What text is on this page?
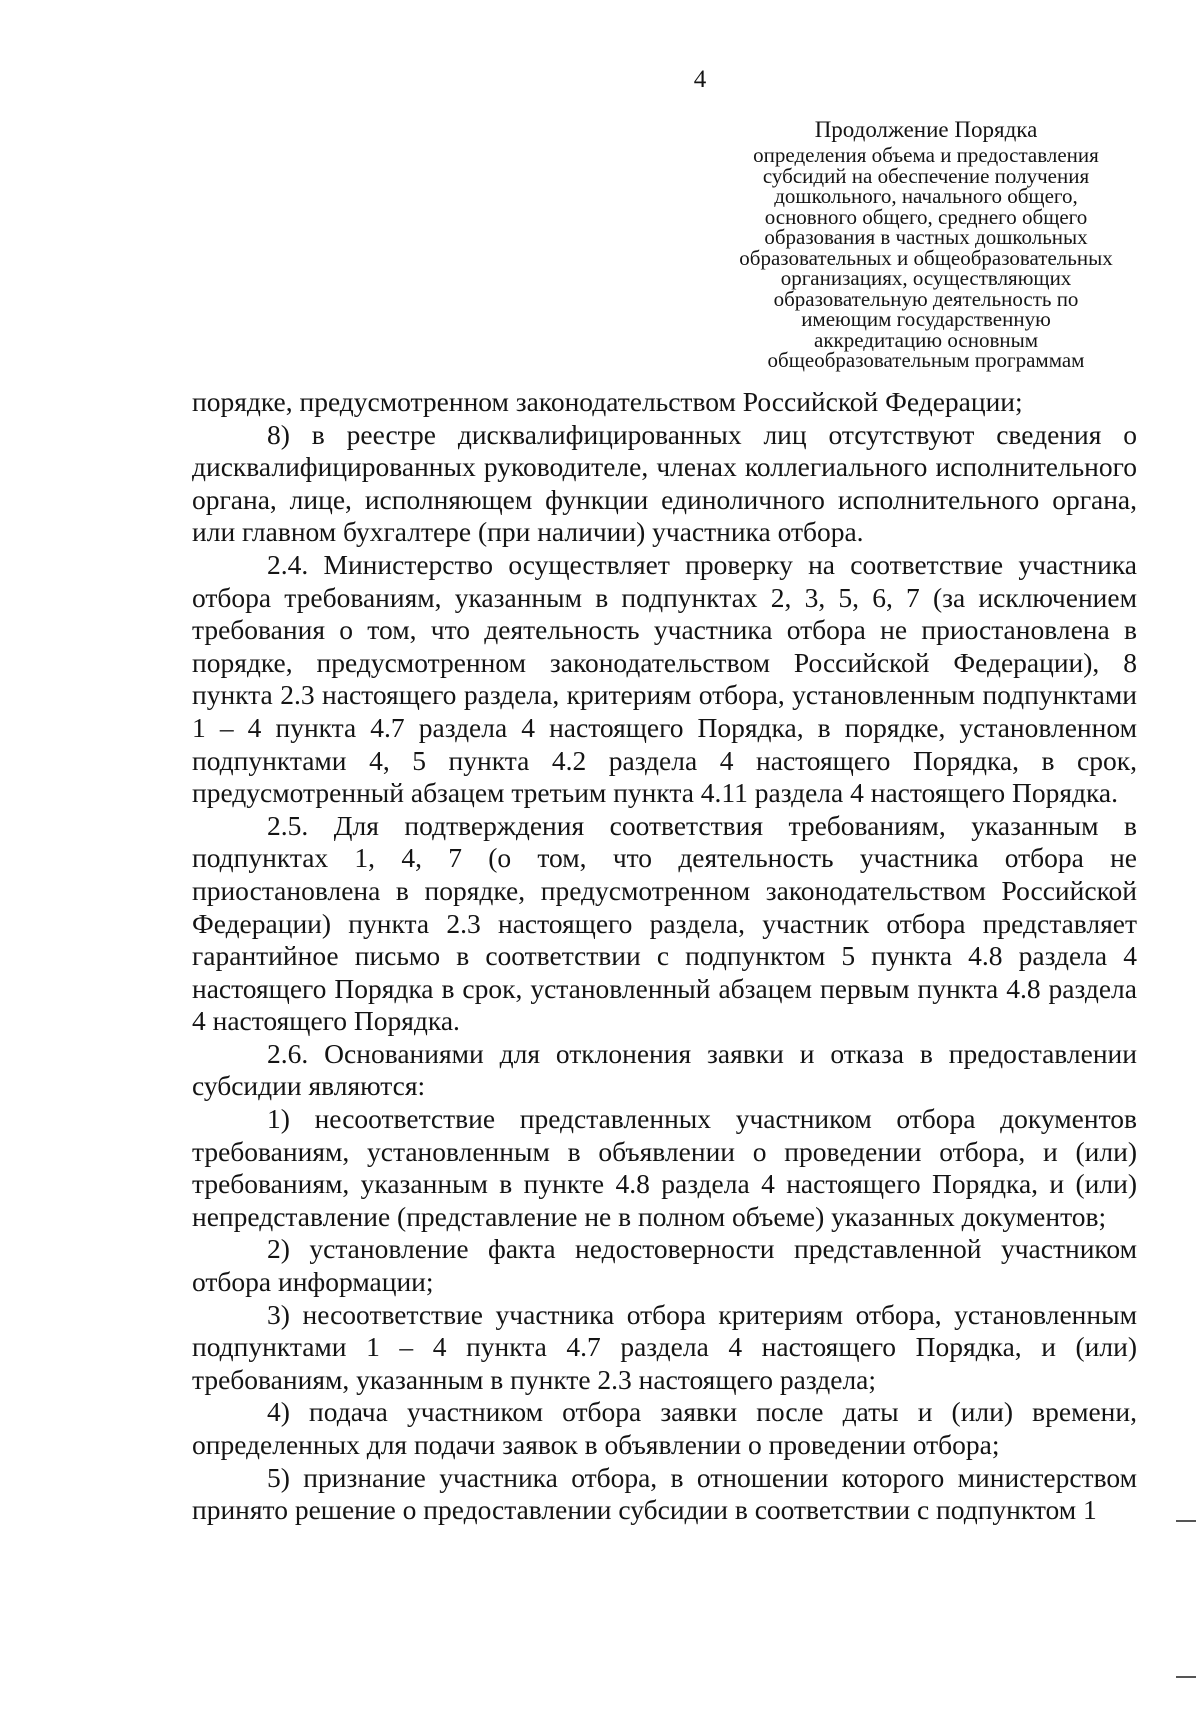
4
Продолжение Порядка
определения объема и предоставления
субсидий на обеспечение получения
дошкольного, начального общего,
основного общего, среднего общего
образования в частных дошкольных
образовательных и общеобразовательных
организациях, осуществляющих
образовательную деятельность по
имеющим государственную
аккредитацию основным
общеобразовательным программам

порядке, предусмотренном законодательством Российской Федерации;

8) в реестре дисквалифицированных лиц отсутствуют сведения о дисквалифицированных руководителе, членах коллегиального исполнительного органа, лице, исполняющем функции единоличного исполнительного органа, или главном бухгалтере (при наличии) участника отбора.

2.4. Министерство осуществляет проверку на соответствие участника отбора требованиям, указанным в подпунктах 2, 3, 5, 6, 7 (за исключением требования о том, что деятельность участника отбора не приостановлена в порядке, предусмотренном законодательством Российской Федерации), 8 пункта 2.3 настоящего раздела, критериям отбора, установленным подпунктами 1 – 4 пункта 4.7 раздела 4 настоящего Порядка, в порядке, установленном подпунктами 4, 5 пункта 4.2 раздела 4 настоящего Порядка, в срок, предусмотренный абзацем третьим пункта 4.11 раздела 4 настоящего Порядка.

2.5. Для подтверждения соответствия требованиям, указанным в подпунктах 1, 4, 7 (о том, что деятельность участника отбора не приостановлена в порядке, предусмотренном законодательством Российской Федерации) пункта 2.3 настоящего раздела, участник отбора представляет гарантийное письмо в соответствии с подпунктом 5 пункта 4.8 раздела 4 настоящего Порядка в срок, установленный абзацем первым пункта 4.8 раздела 4 настоящего Порядка.

2.6. Основаниями для отклонения заявки и отказа в предоставлении субсидии являются:

1) несоответствие представленных участником отбора документов требованиям, установленным в объявлении о проведении отбора, и (или) требованиям, указанным в пункте 4.8 раздела 4 настоящего Порядка, и (или) непредставление (представление не в полном объеме) указанных документов;

2) установление факта недостоверности представленной участником отбора информации;

3) несоответствие участника отбора критериям отбора, установленным подпунктами 1 – 4 пункта 4.7 раздела 4 настоящего Порядка, и (или) требованиям, указанным в пункте 2.3 настоящего раздела;

4) подача участником отбора заявки после даты и (или) времени, определенных для подачи заявок в объявлении о проведении отбора;

5) признание участника отбора, в отношении которого министерством принято решение о предоставлении субсидии в соответствии с подпунктом 1
